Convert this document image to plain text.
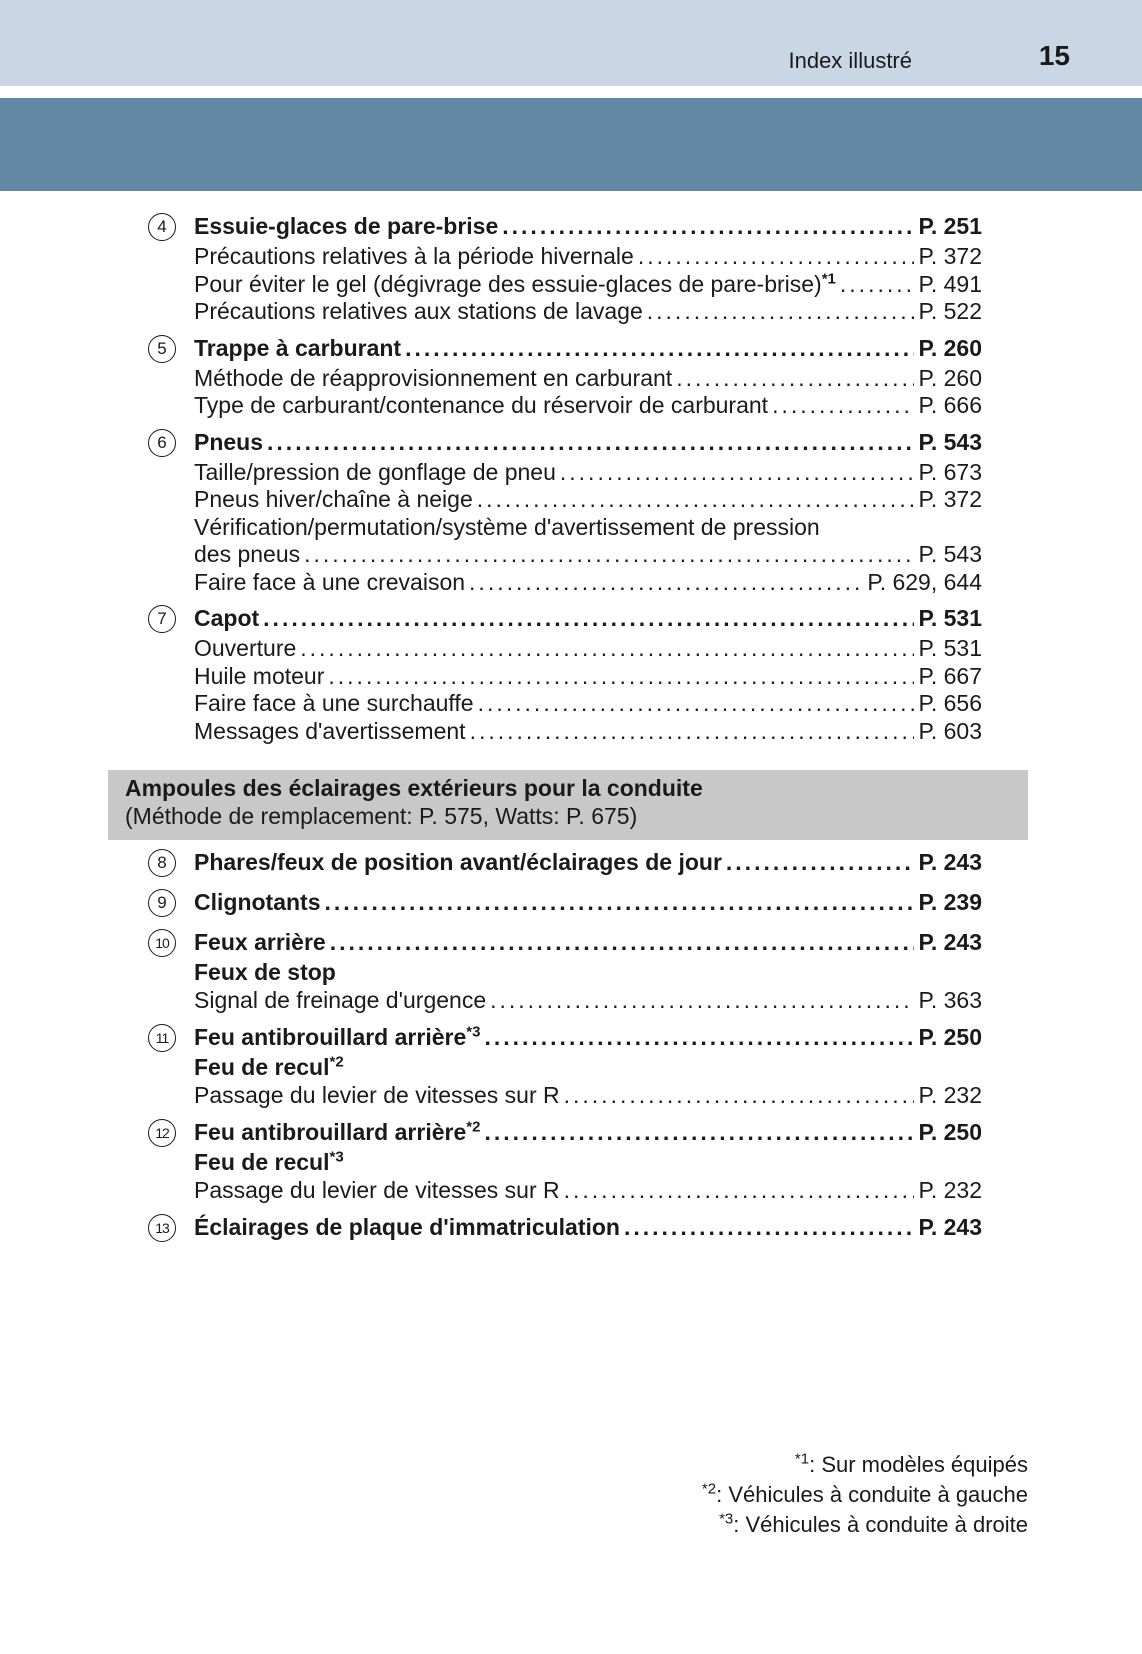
Index illustré	15
4	Essuie-glaces de pare-brise .....	P. 251
Précautions relatives à la période hivernale .....	P. 372
Pour éviter le gel (dégivrage des essuie-glaces de pare-brise)$^{*1}$ .....	P. 491
Précautions relatives aux stations de lavage .....	P. 522
5	Trappe à carburant .....	P. 260
Méthode de réapprovisionnement en carburant .....	P. 260
Type de carburant/contenance du réservoir de carburant .....	P. 666
6	Pneus .....	P. 543
Taille/pression de gonflage de pneu .....	P. 673
Pneus hiver/chaîne à neige .....	P. 372
Vérification/permutation/système d'avertissement de pression
des pneus .....	P. 543
Faire face à une crevaison .....	P. 629, 644
7	Capot .....	P. 531
Ouverture .....	P. 531
Huile moteur .....	P. 667
Faire face à une surchauffe .....	P. 656
Messages d'avertissement .....	P. 603
Ampoules des éclairages extérieurs pour la conduite
(Méthode de remplacement: P. 575, Watts: P. 675)
8	Phares/feux de position avant/éclairages de jour .....	P. 243
9	Clignotants .....	P. 239
10	Feux arrière .....	P. 243
Feux de stop
Signal de freinage d'urgence .....	P. 363
11	Feu antibrouillard arrière$^{*3}$ .....	P. 250
Feu de recul$^{*2}$
Passage du levier de vitesses sur R .....	P. 232
12	Feu antibrouillard arrière$^{*2}$ .....	P. 250
Feu de recul$^{*3}$
Passage du levier de vitesses sur R .....	P. 232
13	Éclairages de plaque d'immatriculation .....	P. 243
$^{*1}$: Sur modèles équipés
$^{*2}$: Véhicules à conduite à gauche
$^{*3}$: Véhicules à conduite à droite
